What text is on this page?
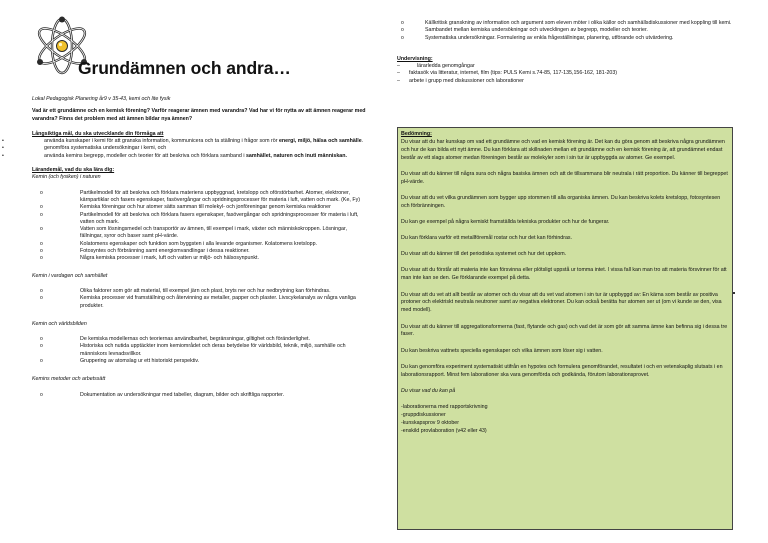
Grundämnen och andra…
Lokal Pedagogisk Planering år9 v 35-43, kemi och lite fysik
Vad är ett grundämne och en kemisk förening? Varför reagerar ämnen med varandra? Vad har vi för nytta av att ämnen reagerar med varandra? Finns det problem med att ämnen bildar nya ämnen?
Långsiktiga mål, du ska utvecklande din förmåga att
• använda kunskaper i kemi för att granska information, kommunicera och ta ställning i frågor som rör energi, miljö, hälsa och samhälle.
• genomföra systematiska undersökningar i kemi, och
• använda kemins begrepp, modeller och teorier för att beskriva och förklara samband i samhället, naturen och inuti människan.
Lärandemål, vad du ska lära dig:
Kemin (och fysiken) i naturen
o Partikelmodell för att beskriva och förklara materiens uppbyggnad, kretslopp och oförstörbarhet. Atomer, elektroner, kärnpartiklar och fasers egenskaper, fasövergångar och spridningsprocesser för materia i luft, vatten och mark. (Ke, Fy)
o Kemiska föreningar och hur atomer sätts samman till molekyl- och jonföreningar genom kemiska reaktioner
o Partikelmodell för att beskriva och förklara fasers egenskaper, fasövergångar och spridningsprocesser för materia i luft, vatten och mark.
o Vatten som lösningsmedel och transportör av ämnen, till exempel i mark, växter och människokroppen. Lösningar, fällningar, syror och baser samt pH-värde.
o Kolatomens egenskaper och funktion som byggsten i alla levande organismer. Kolatomens kretslopp.
o Fotosyntes och förbränning samt energiomvandlingar i dessa reaktioner.
o Några kemiska processer i mark, luft och vatten ur miljö- och hälsosynpunkt.
Kemin i vardagen och samhället
o Olika faktorer som gör att material, till exempel järn och plast, bryts ner och hur nedbrytning kan förhindras.
o Kemiska processer vid framställning och återvinning av metaller, papper och plaster. Livscykelanalys av några vanliga produkter.
Kemin och världsbilden
o De kemiska modellernas och teoriernas användbarhet, begränsningar, giltighet och föränderlighet.
o Historiska och nutida upptäckter inom kemiområdet och deras betydelse för världsbild, teknik, miljö, samhälle och människors levnadsvillkor.
o Gruppering av atomslag ur ett historiskt perspektiv.
Kemins metoder och arbetssätt
o Dokumentation av undersökningar med tabeller, diagram, bilder och skriftliga rapporter.
o Källkritisk granskning av information och argument som eleven möter i olika källor och samhällsdiskussioner med koppling till kemi.
o Sambandet mellan kemiska undersökningar och utvecklingen av begrepp, modeller och teorier.
o Systematiska undersökningar. Formulering av enkla frågeställningar, planering, utförande och utvärdering.
Undervisning:
– lärarledda genomgångar
– faktasök via litteratur, internet, film (tips: PULS Kemi s.74-85, 117-135,156-162, 181-203)
– arbete i grupp med diskussioner och laborationer
Bedömning:

Du visar att du har kunskap om vad ett grundämne och vad en kemisk förening är. Det kan du göra genom att beskriva några grundämnen och hur de kan bilda ett nytt ämne. Du kan förklara att skillnaden mellan ett grundämne och en kemisk förening är, att grundämnet endast består av ett slags atomer medan föreningen består av molekyler som i sin tur är uppbyggda av atomer. Ge exempel.

Du visar att du känner till några sura och några basiska ämnen och att de tillsammans blir neutrala i rätt proportion. Du känner till begreppet pH-värde.

Du visar att du vet vilka grundämnen som bygger upp stommen till alla organiska ämnen. Du kan beskriva kolets kretslopp, fotosyntesen och förbränningen.

Du kan ge exempel på några kemiskt framställda tekniska produkter och hur de fungerar.

Du kan förklara varför ett metallföremål rostar och hur det kan förhindras.

Du visar att du känner till det periodiska systemet och hur det uppkom.

Du visar att du förstår att materia inte kan försvinna eller plötsligt uppstå ur tomma intet. I vissa fall kan man tro att materia försvinner för att man inte kan se den. Ge förklarande exempel på detta.

Du visar att du vet att allt består av atomer och du visar att du vet vad atomen i sin tur är uppbyggd av: En kärna som består av positiva protoner och elektriskt neutrala neutroner samt av negativa elektroner. Du kan också berätta hur atomen ser ut (om vi kunde se den, visa med modell).

Du visar att du känner till aggregationsformerna (fast, flytande och gas) och vad det är som gör att samma ämne kan befinna sig i dessa tre faser.

Du kan beskriva vattnets speciella egenskaper och vilka ämnen som löser sig i vatten.

Du kan genomföra experiment systematiskt utifrån en hypotes och formulera genomförandet, resultatet i och en vetenskaplig slutsats i en laborationsrapport. Minst fem laborationer ska vara genomförda och godkända, förutom laborationsprovet.

Du visar vad du kan på

-laborationerna med rapportskrivning

-gruppdiskussioner

-kunskapsprov 9 oktober

-enskild provlaboration (v42 eller 43)
